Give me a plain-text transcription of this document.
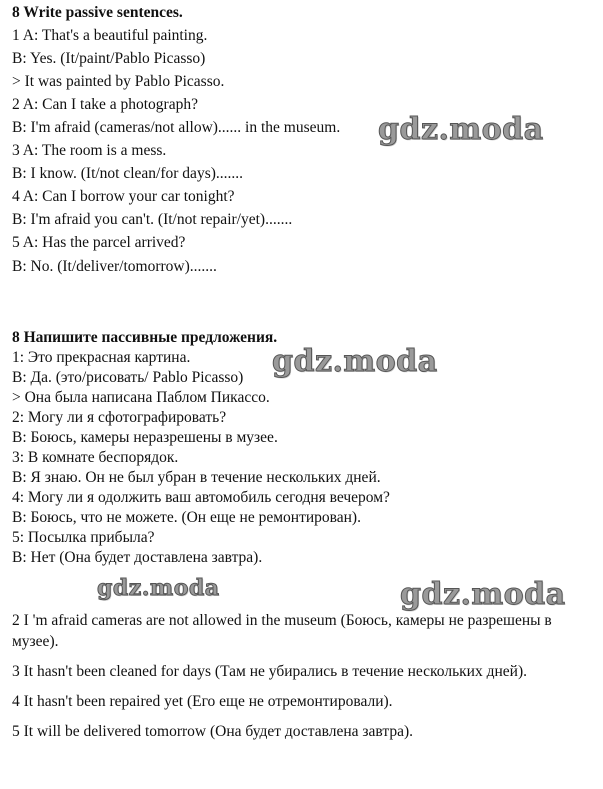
8 Write passive sentences.
1 A: That's a beautiful painting.
B: Yes. (It/paint/Pablo Picasso)
> It was painted by Pablo Picasso.
2 A: Can I take a photograph?
B: I'm afraid (cameras/not allow)...... in the museum.
3 A: The room is a mess.
B: I know. (It/not clean/for days).......
4 A: Can I borrow your car tonight?
B: I'm afraid you can't. (It/not repair/yet).......
5 A: Has the parcel arrived?
B: No. (It/deliver/tomorrow).......
8 Напишите пассивные предложения.
1: Это прекрасная картина.
B: Да. (это/рисовать/ Pablo Picasso)
> Она была написана Паблом Пикассо.
2: Могу ли я сфотографировать?
B: Боюсь, камеры неразрешены в музее.
3: В комнате беспорядок.
B: Я знаю. Он не был убран в течение нескольких дней.
4: Могу ли я одолжить ваш автомобиль сегодня вечером?
B: Боюсь, что не можете. (Он еще не ремонтирован).
5: Посылка прибыла?
B: Нет (Она будет доставлена завтра).
2 I 'm afraid cameras are not allowed in the museum (Боюсь, камеры не разрешены в музее).
3 It hasn't been cleaned for days (Там не убирались в течение нескольких дней).
4 It hasn't been repaired yet (Его еще не отремонтировали).
5 It will be delivered tomorrow (Она будет доставлена завтра).
gdz.moda
gdz.moda
gdz.moda	gdz.moda
